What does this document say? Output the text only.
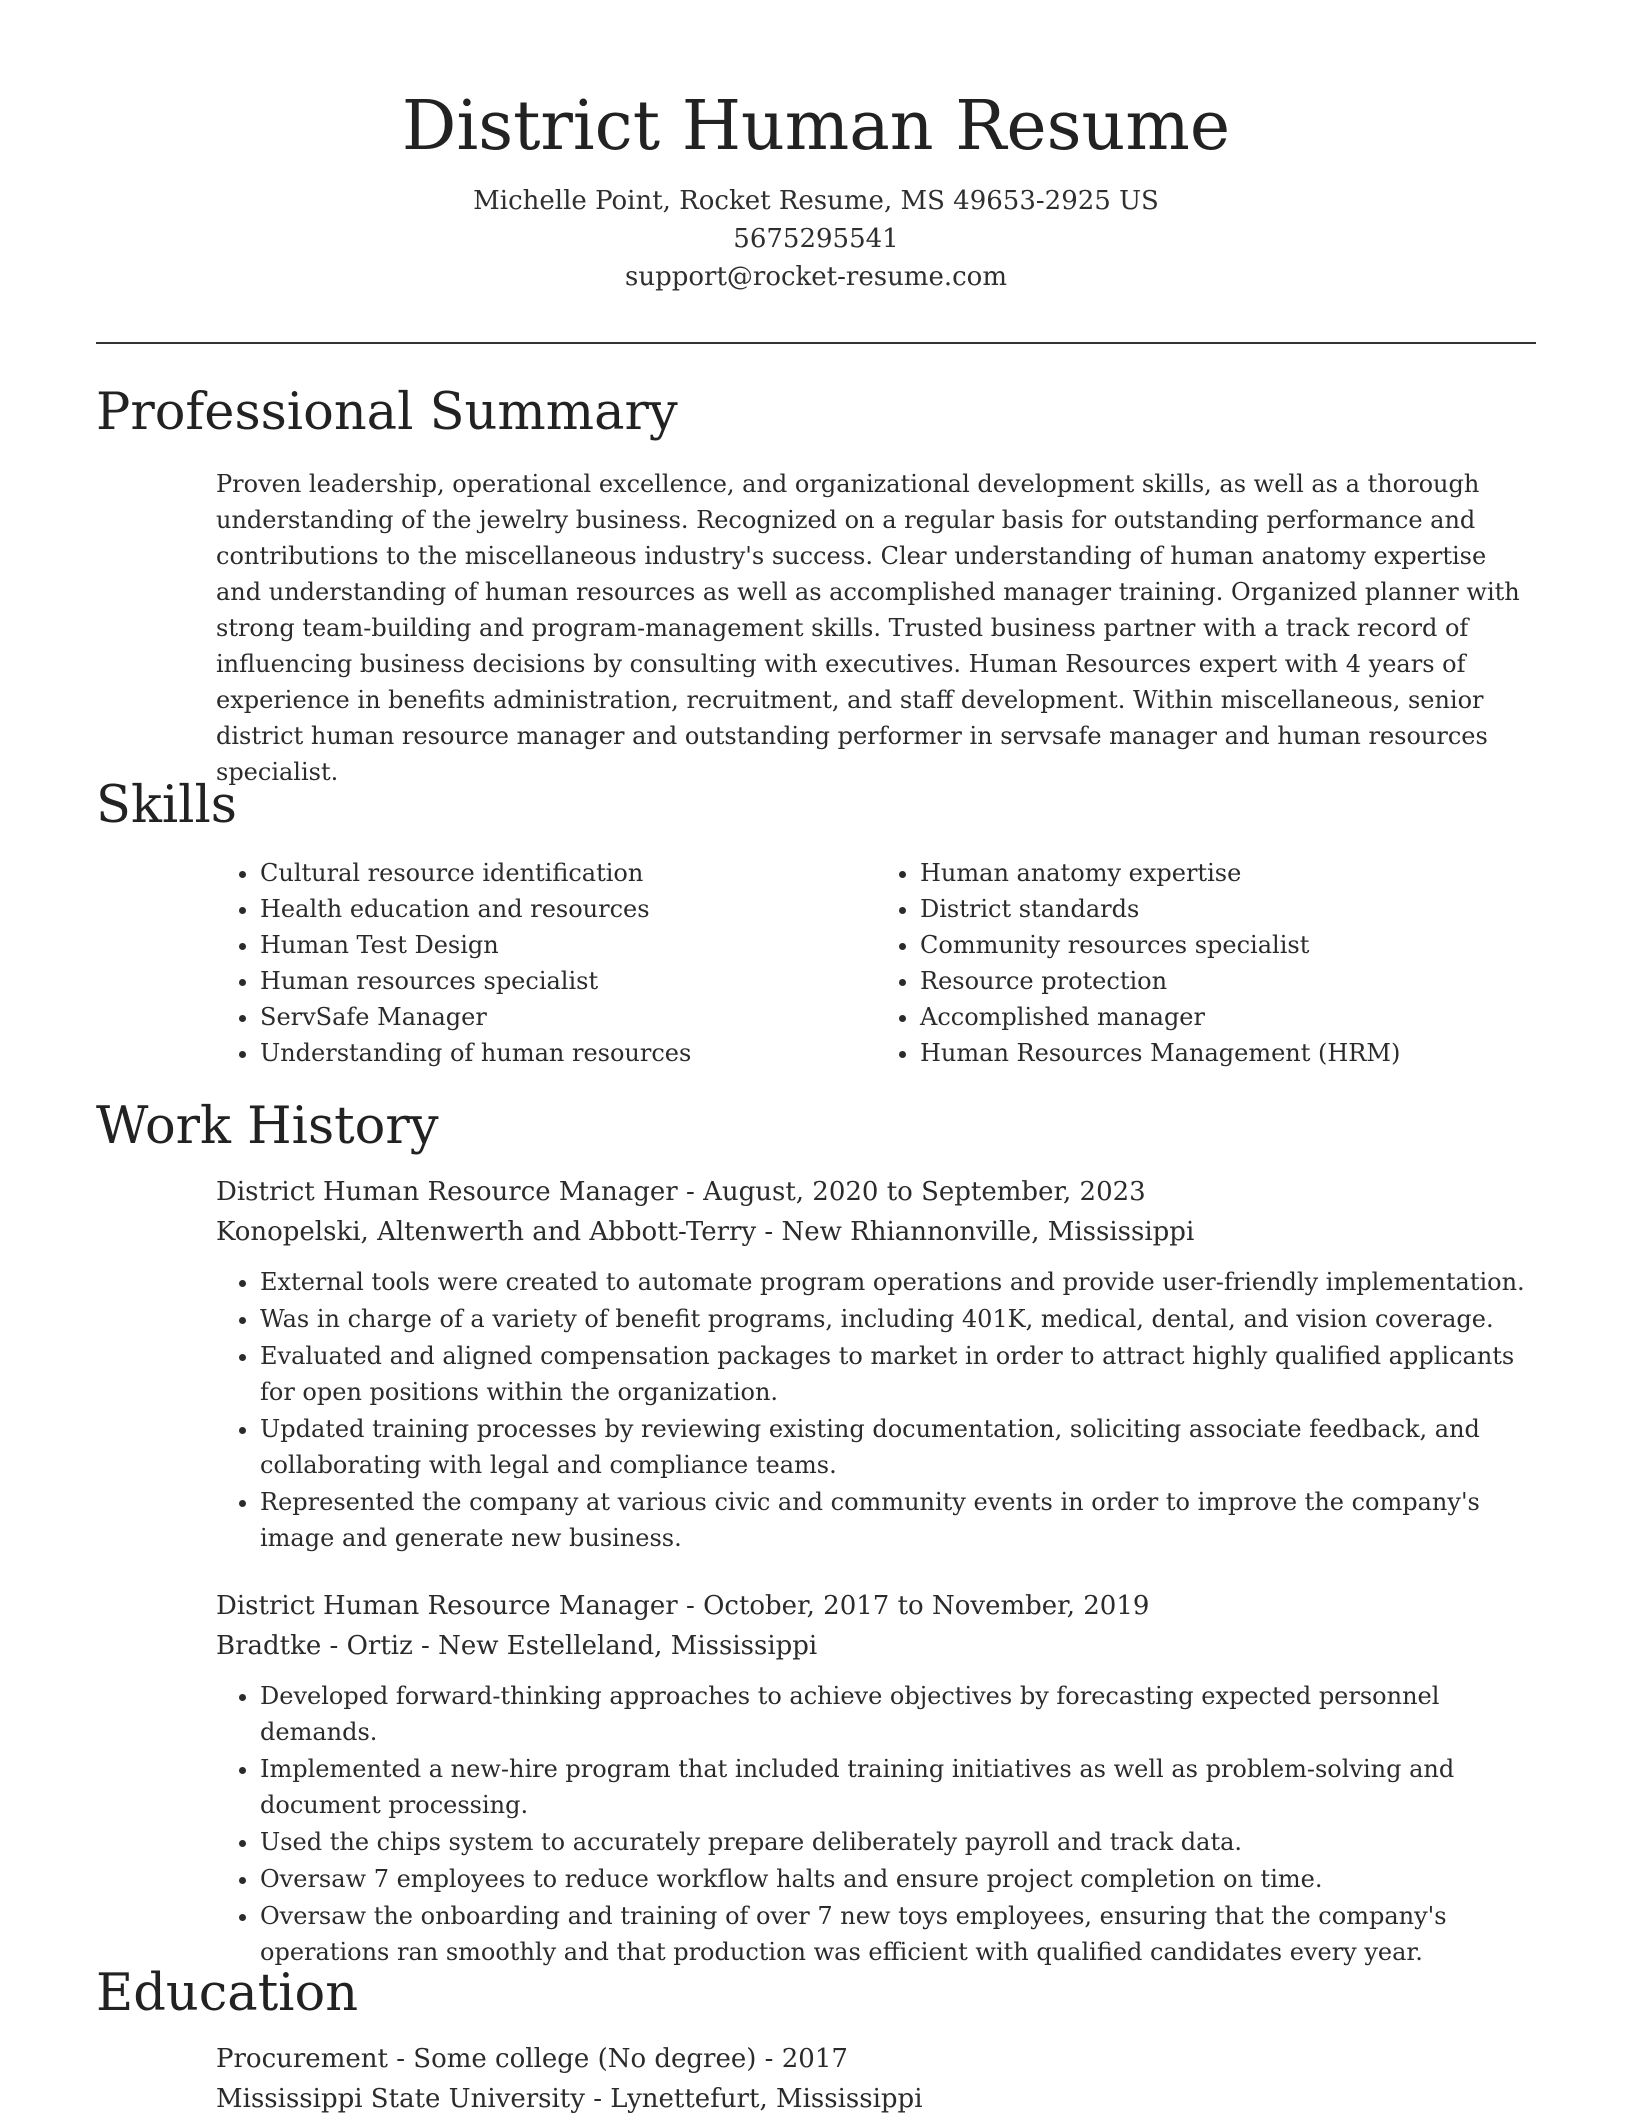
District Human Resume
Michelle Point, Rocket Resume, MS 49653-2925 US
5675295541
support@rocket-resume.com
Professional Summary
Proven leadership, operational excellence, and organizational development skills, as well as a thorough understanding of the jewelry business. Recognized on a regular basis for outstanding performance and contributions to the miscellaneous industry's success. Clear understanding of human anatomy expertise and understanding of human resources as well as accomplished manager training. Organized planner with strong team-building and program-management skills. Trusted business partner with a track record of influencing business decisions by consulting with executives. Human Resources expert with 4 years of experience in benefits administration, recruitment, and staff development. Within miscellaneous, senior district human resource manager and outstanding performer in servsafe manager and human resources specialist.
Skills
• Cultural resource identification
• Health education and resources
• Human Test Design
• Human resources specialist
• ServSafe Manager
• Understanding of human resources
• Human anatomy expertise
• District standards
• Community resources specialist
• Resource protection
• Accomplished manager
• Human Resources Management (HRM)
Work History
District Human Resource Manager - August, 2020 to September, 2023
Konopelski, Altenwerth and Abbott-Terry - New Rhiannonville, Mississippi
• External tools were created to automate program operations and provide user-friendly implementation.
• Was in charge of a variety of benefit programs, including 401K, medical, dental, and vision coverage.
• Evaluated and aligned compensation packages to market in order to attract highly qualified applicants for open positions within the organization.
• Updated training processes by reviewing existing documentation, soliciting associate feedback, and collaborating with legal and compliance teams.
• Represented the company at various civic and community events in order to improve the company's image and generate new business.
District Human Resource Manager - October, 2017 to November, 2019
Bradtke - Ortiz - New Estelleland, Mississippi
• Developed forward-thinking approaches to achieve objectives by forecasting expected personnel demands.
• Implemented a new-hire program that included training initiatives as well as problem-solving and document processing.
• Used the chips system to accurately prepare deliberately payroll and track data.
• Oversaw 7 employees to reduce workflow halts and ensure project completion on time.
• Oversaw the onboarding and training of over 7 new toys employees, ensuring that the company's operations ran smoothly and that production was efficient with qualified candidates every year.
Education
Procurement - Some college (No degree) - 2017
Mississippi State University - Lynettefurt, Mississippi
